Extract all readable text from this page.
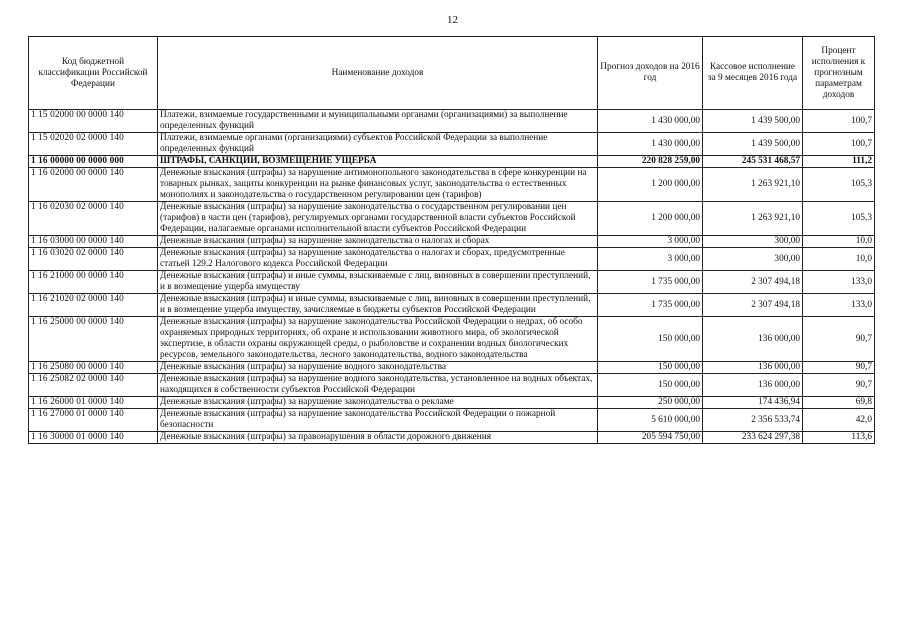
12
Код бюджетной классификации Российской Федерации	Наименование доходов	Прогноз доходов на 2016 год	Кассовое исполнение за 9 месяцев 2016 года	Процент исполнения к прогнозным параметрам доходов
1 15 02000 00 0000 140	Платежи, взимаемые государственными и муниципальными органами (организациями) за выполнение определенных функций	1 430 000,00	1 439 500,00	100,7
1 15 02020 02 0000 140	Платежи, взимаемые органами (организациями) субъектов Российской Федерации за выполнение определенных функций	1 430 000,00	1 439 500,00	100,7
1 16 00000 00 0000 000	ШТРАФЫ, САНКЦИИ, ВОЗМЕЩЕНИЕ УЩЕРБА	220 828 259,00	245 531 468,57	111,2
1 16 02000 00 0000 140	Денежные взыскания (штрафы) за нарушение антимонопольного законодательства в сфере конкуренции на товарных рынках, защиты конкуренции на рынке финансовых услуг, законодательства о естественных монополиях и законодательства о государственном регулировании цен (тарифов)	1 200 000,00	1 263 921,10	105,3
1 16 02030 02 0000 140	Денежные взыскания (штрафы) за нарушение законодательства о государственном регулировании цен (тарифов) в части цен (тарифов), регулируемых органами государственной власти субъектов Российской Федерации, налагаемые органами исполнительной власти субъектов Российской Федерации	1 200 000,00	1 263 921,10	105,3
1 16 03000 00 0000 140	Денежные взыскания (штрафы) за нарушение законодательства о налогах и сборах	3 000,00	300,00	10,0
1 16 03020 02 0000 140	Денежные взыскания (штрафы) за нарушение законодательства о налогах и сборах, предусмотренные статьей 129.2 Налогового кодекса Российской Федерации	3 000,00	300,00	10,0
1 16 21000 00 0000 140	Денежные взыскания (штрафы) и иные суммы, взыскиваемые с лиц, виновных в совершении преступлений, и в возмещение ущерба имуществу	1 735 000,00	2 307 494,18	133,0
1 16 21020 02 0000 140	Денежные взыскания (штрафы) и иные суммы, взыскиваемые с лиц, виновных в совершении преступлений, и в возмещение ущерба имуществу, зачисляемые в бюджеты субъектов Российской Федерации	1 735 000,00	2 307 494,18	133,0
1 16 25000 00 0000 140	Денежные взыскания (штрафы) за нарушение законодательства Российской Федерации о недрах, об особо охраняемых природных территориях, об охране и использовании животного мира, об экологической экспертизе, в области охраны окружающей среды, о рыболовстве и сохранении водных биологических ресурсов, земельного законодательства, лесного законодательства, водного законодательства	150 000,00	136 000,00	90,7
1 16 25080 00 0000 140	Денежные взыскания (штрафы) за нарушение водного законодательства	150 000,00	136 000,00	90,7
1 16 25082 02 0000 140	Денежные взыскания (штрафы) за нарушение водного законодательства, установленное на водных объектах, находящихся в собственности субъектов Российской Федерации	150 000,00	136 000,00	90,7
1 16 26000 01 0000 140	Денежные взыскания (штрафы) за нарушение законодательства о рекламе	250 000,00	174 436,94	69,8
1 16 27000 01 0000 140	Денежные взыскания (штрафы) за нарушение законодательства Российской Федерации о пожарной безопасности	5 610 000,00	2 356 533,74	42,0
1 16 30000 01 0000 140	Денежные взыскания (штрафы) за правонарушения в области дорожного движения	205 594 750,00	233 624 297,38	113,6
